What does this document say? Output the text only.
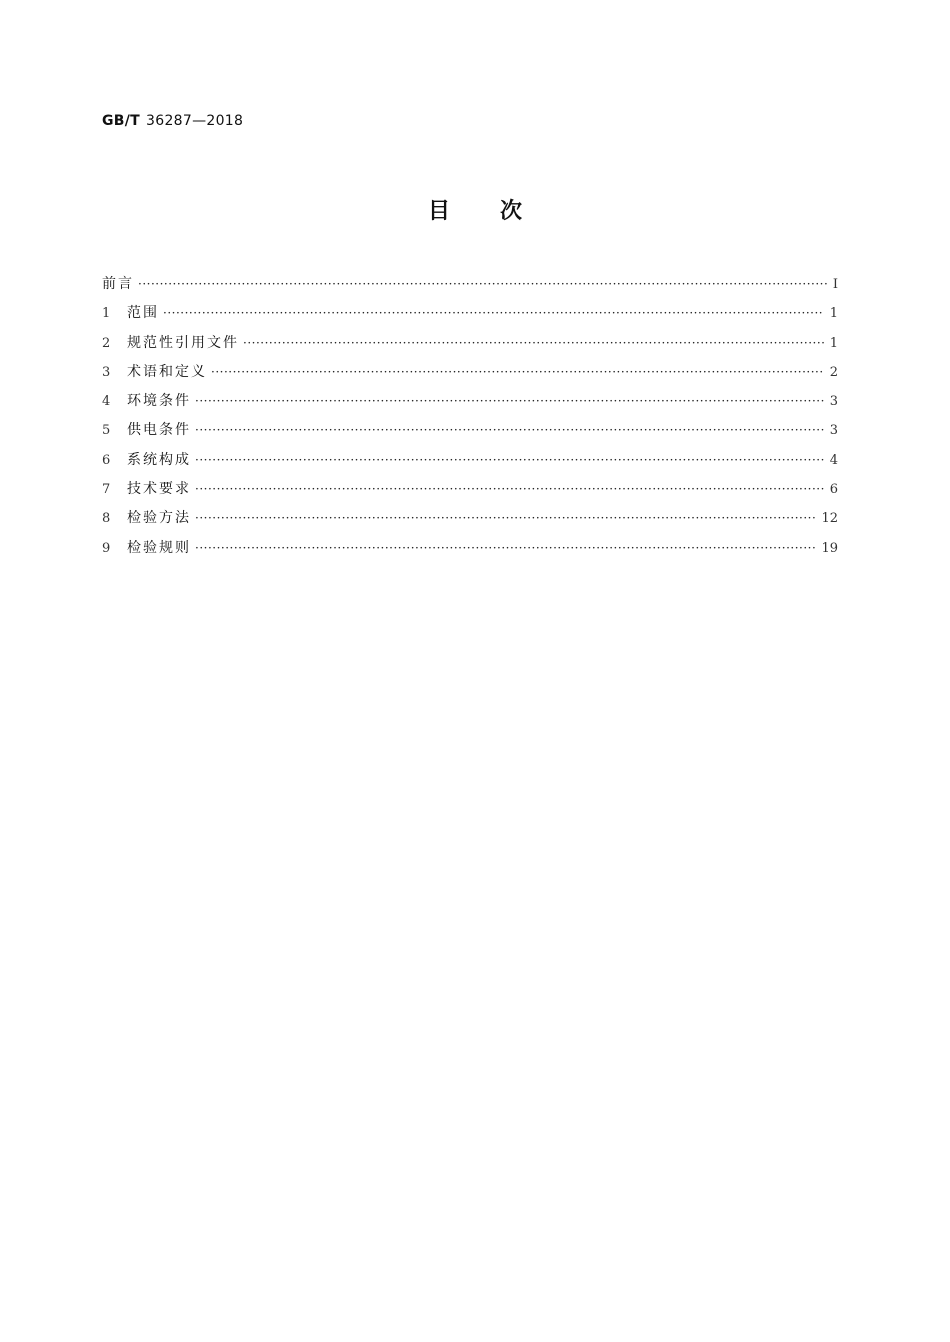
GB/T 36287—2018
目次
前言 ·····	Ⅰ
1	范围 ·····	1
2	规范性引用文件 ·····	1
3	术语和定义 ·····	2
4	环境条件 ·····	3
5	供电条件 ·····	3
6	系统构成 ·····	4
7	技术要求 ·····	6
8	检验方法 ·····	12
9	检验规则 ·····	19
